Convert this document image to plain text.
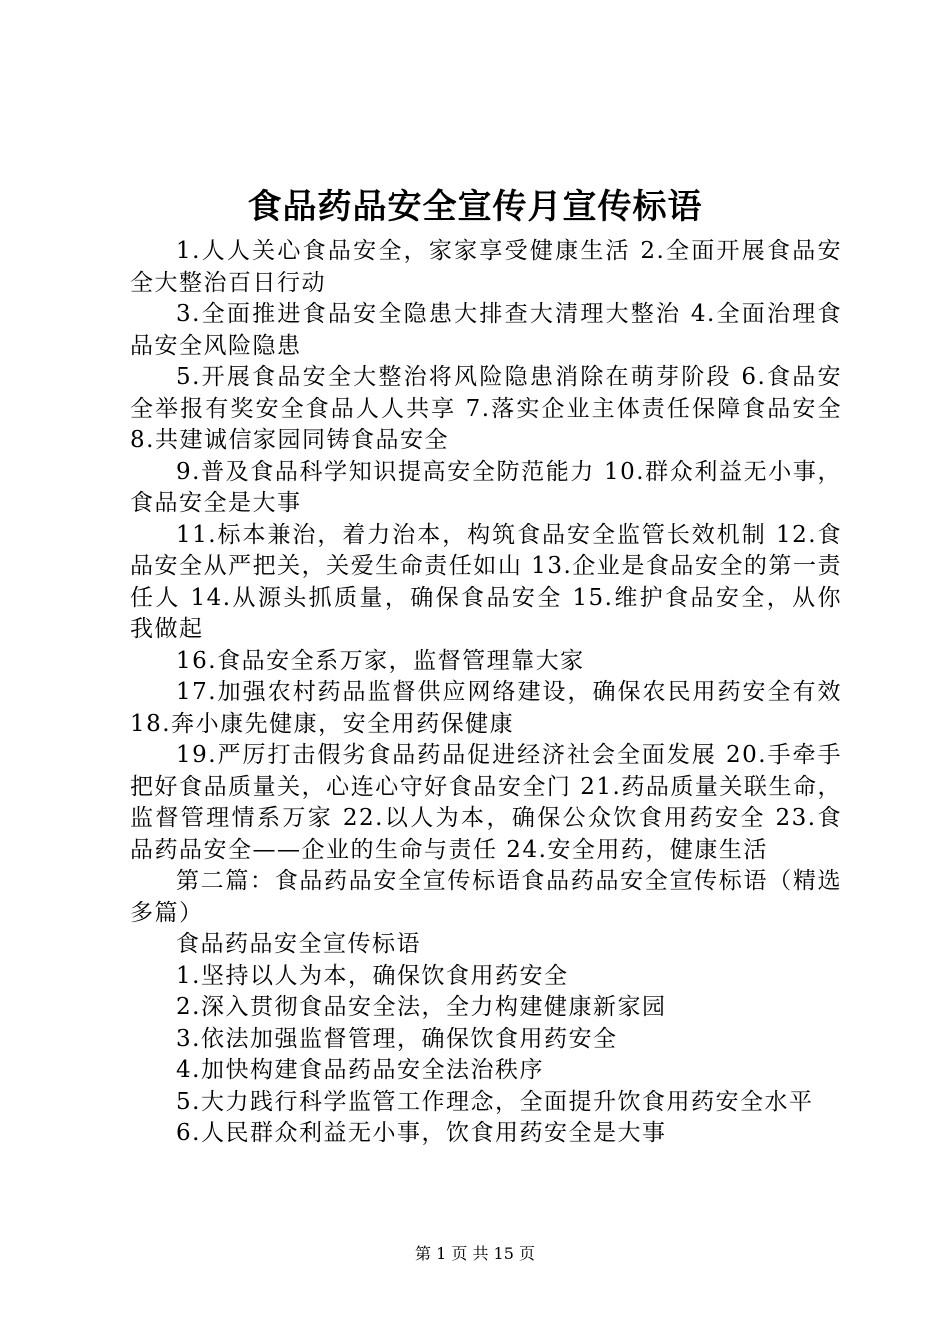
食品药品安全宣传月宣传标语

1.人人关心食品安全，家家享受健康生活 2.全面开展食品安全大整治百日行动

3.全面推进食品安全隐患大排查大清理大整治 4.全面治理食品安全风险隐患

5.开展食品安全大整治将风险隐患消除在萌芽阶段 6.食品安全举报有奖安全食品人人共享 7.落实企业主体责任保障食品安全 8.共建诚信家园同铸食品安全

9.普及食品科学知识提高安全防范能力 10.群众利益无小事，食品安全是大事

11.标本兼治，着力治本，构筑食品安全监管长效机制 12.食品安全从严把关，关爱生命责任如山 13.企业是食品安全的第一责任人 14.从源头抓质量，确保食品安全 15.维护食品安全，从你我做起

16.食品安全系万家，监督管理靠大家

17.加强农村药品监督供应网络建设，确保农民用药安全有效 18.奔小康先健康，安全用药保健康

19.严厉打击假劣食品药品促进经济社会全面发展 20.手牵手把好食品质量关，心连心守好食品安全门 21.药品质量关联生命，监督管理情系万家 22.以人为本，确保公众饮食用药安全 23.食品药品安全——企业的生命与责任 24.安全用药，健康生活

第二篇：食品药品安全宣传标语食品药品安全宣传标语（精选多篇）

食品药品安全宣传标语

1.坚持以人为本，确保饮食用药安全

2.深入贯彻食品安全法，全力构建健康新家园

3.依法加强监督管理，确保饮食用药安全

4.加快构建食品药品安全法治秩序

5.大力践行科学监管工作理念，全面提升饮食用药安全水平

6.人民群众利益无小事，饮食用药安全是大事

第 1 页 共 15 页
